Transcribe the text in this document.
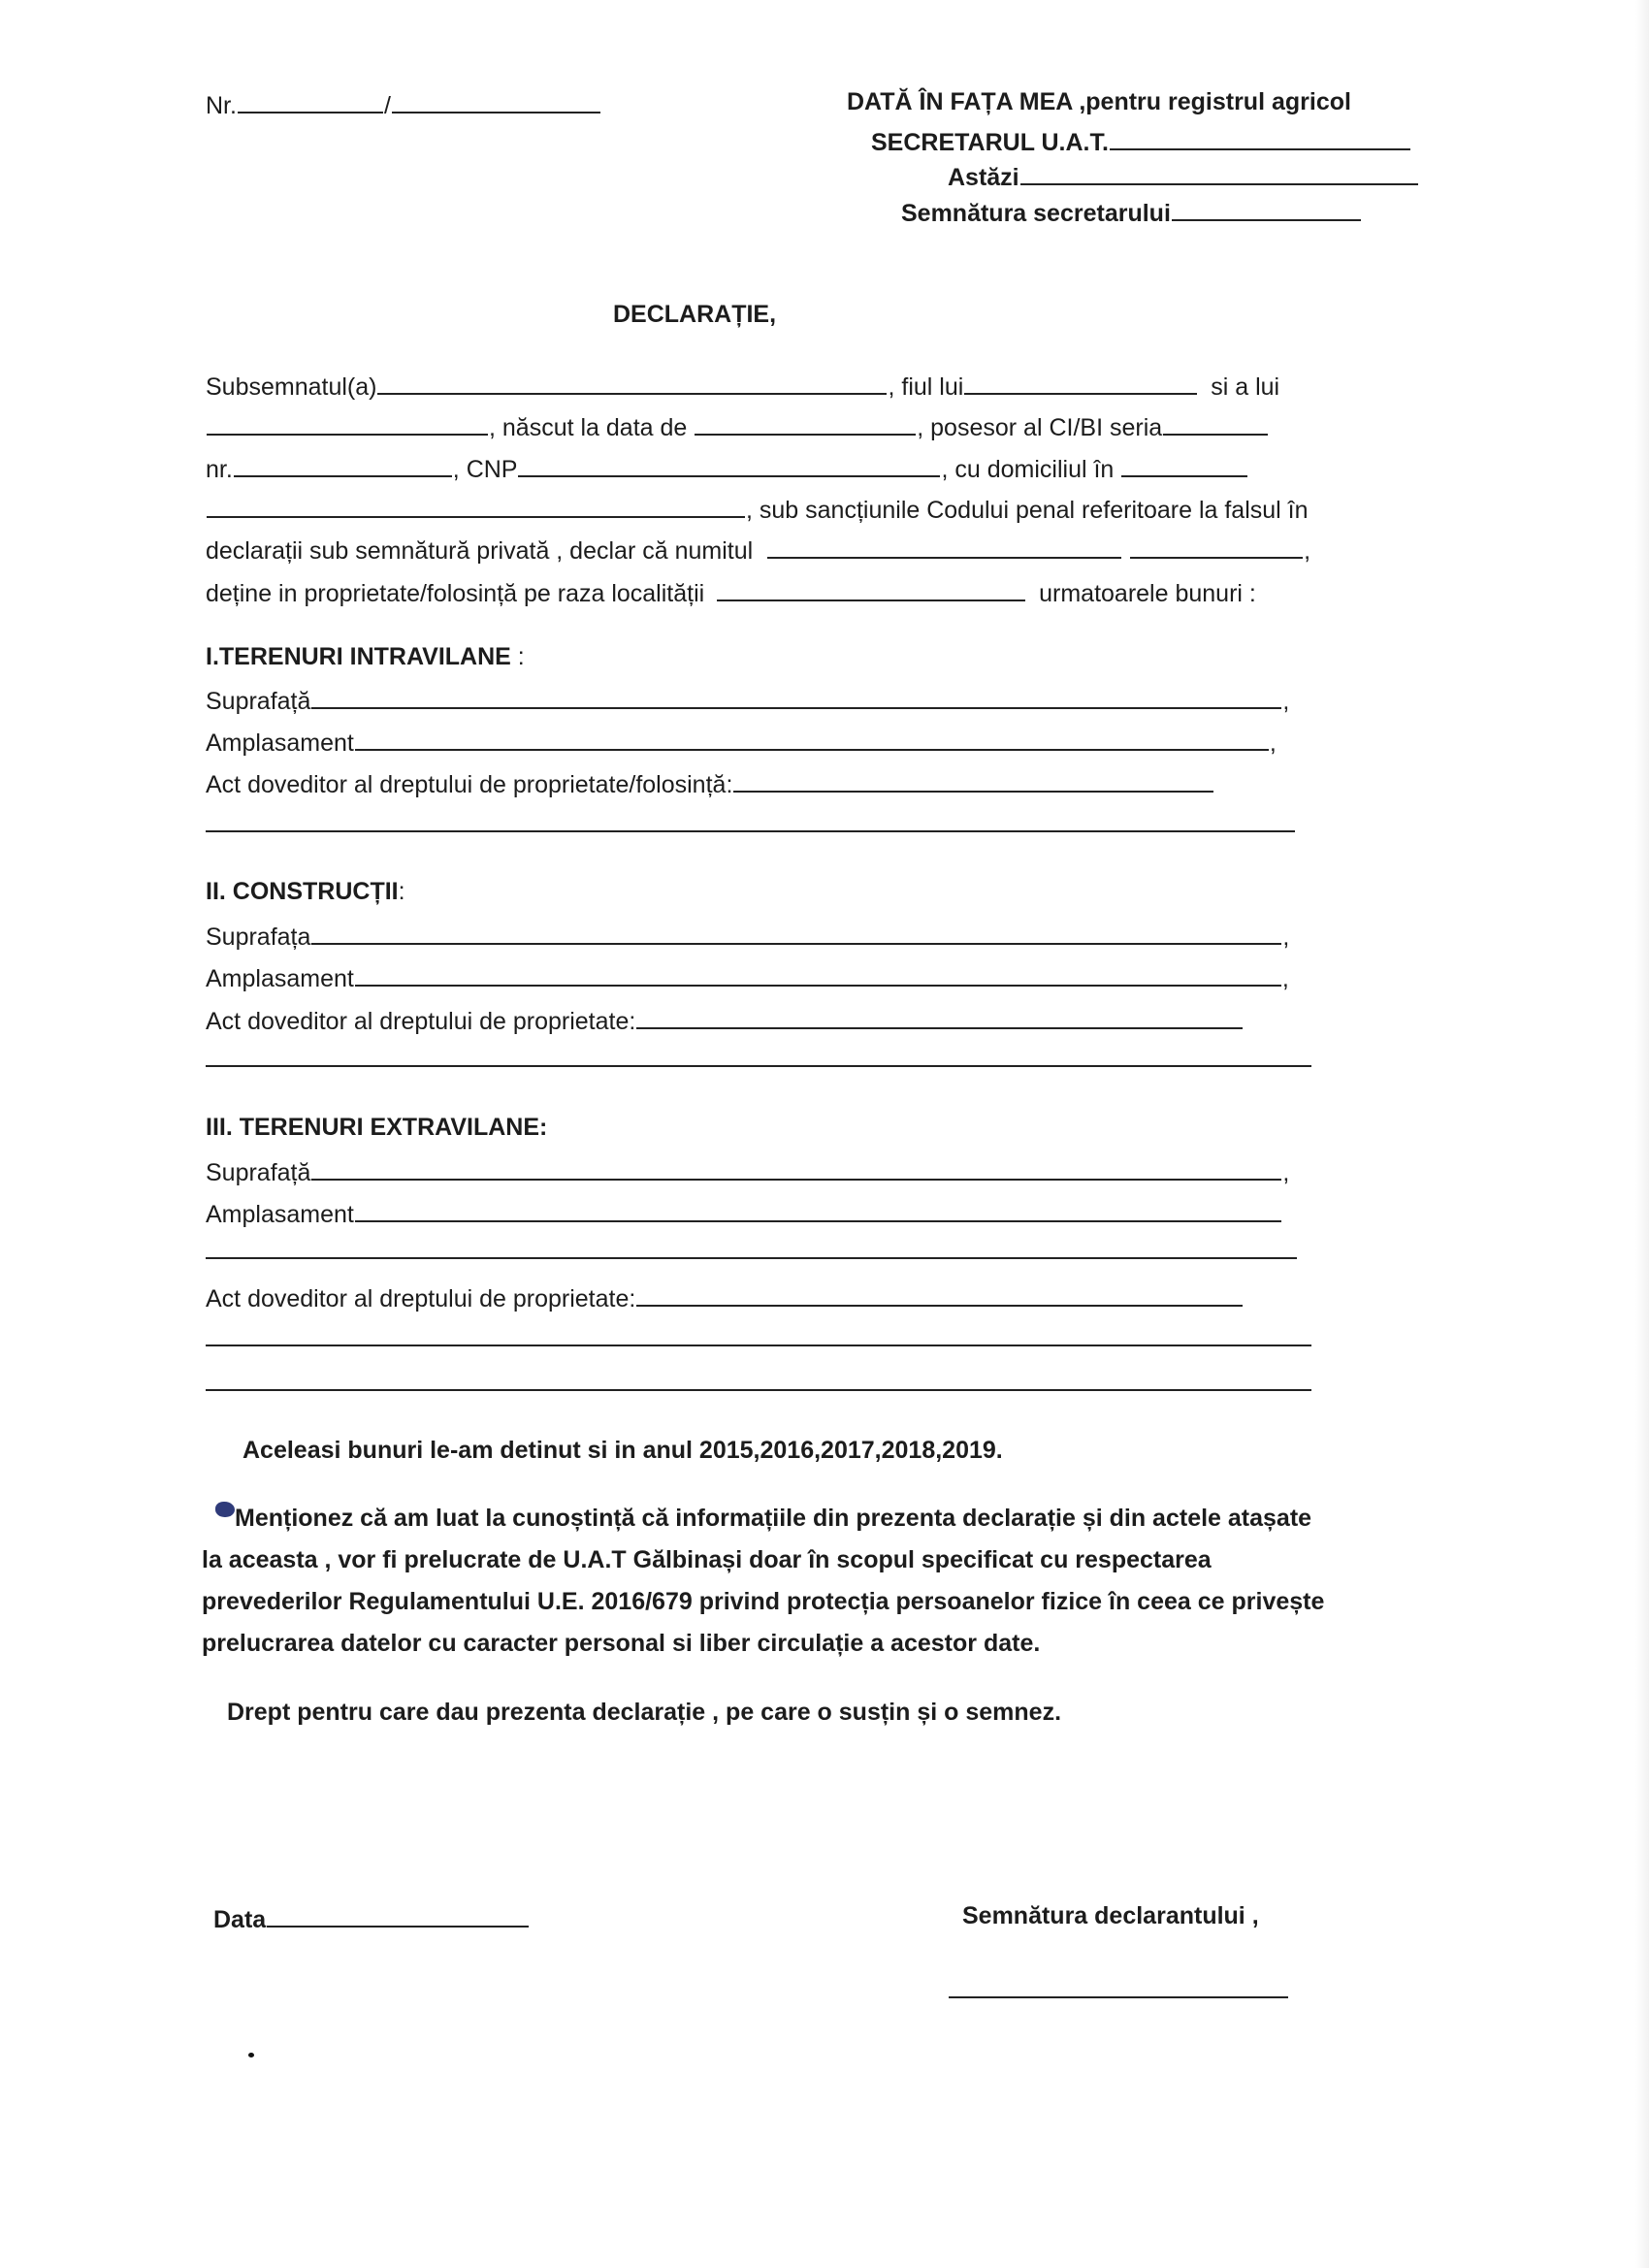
Nr.	/	DATĂ ÎN FAȚA MEA ,pentru registrul agricol
SECRETARUL U.A.T.
Astăzi
Semnătura secretarului
DECLARAȚIE,
Subsemnatul(a)	, fiul lui	si a lui
, născut la data de	, posesor al CI/BI seria
nr.	, CNP	, cu domiciliul în
, sub sancțiunile Codului penal referitoare la falsul în
declarații sub semnătură privată , declar că numitul	,
deține in proprietate/folosință pe raza localității	urmatoarele bunuri :
I.TERENURI INTRAVILANE :
Suprafață	,
Amplasament	,
Act doveditor al dreptului de proprietate/folosință:
II. CONSTRUCȚII:
Suprafața	,
Amplasament	,
Act doveditor al dreptului de proprietate:
III. TERENURI EXTRAVILANE:
Suprafață	,
Amplasament
Act doveditor al dreptului de proprietate:
Aceleasi bunuri le-am detinut si in anul 2015,2016,2017,2018,2019.
Menționez că am luat la cunoștință că informațiile din prezenta declarație și din actele atașate
la aceasta , vor fi prelucrate de U.A.T Gălbinași doar în scopul specificat cu respectarea
prevederilor Regulamentului U.E. 2016/679 privind protecția persoanelor fizice în ceea ce privește
prelucrarea datelor cu caracter personal si liber circulație a acestor date.
Drept pentru care dau prezenta declarație , pe care o susțin și o semnez.
Data	Semnătura declarantului ,
